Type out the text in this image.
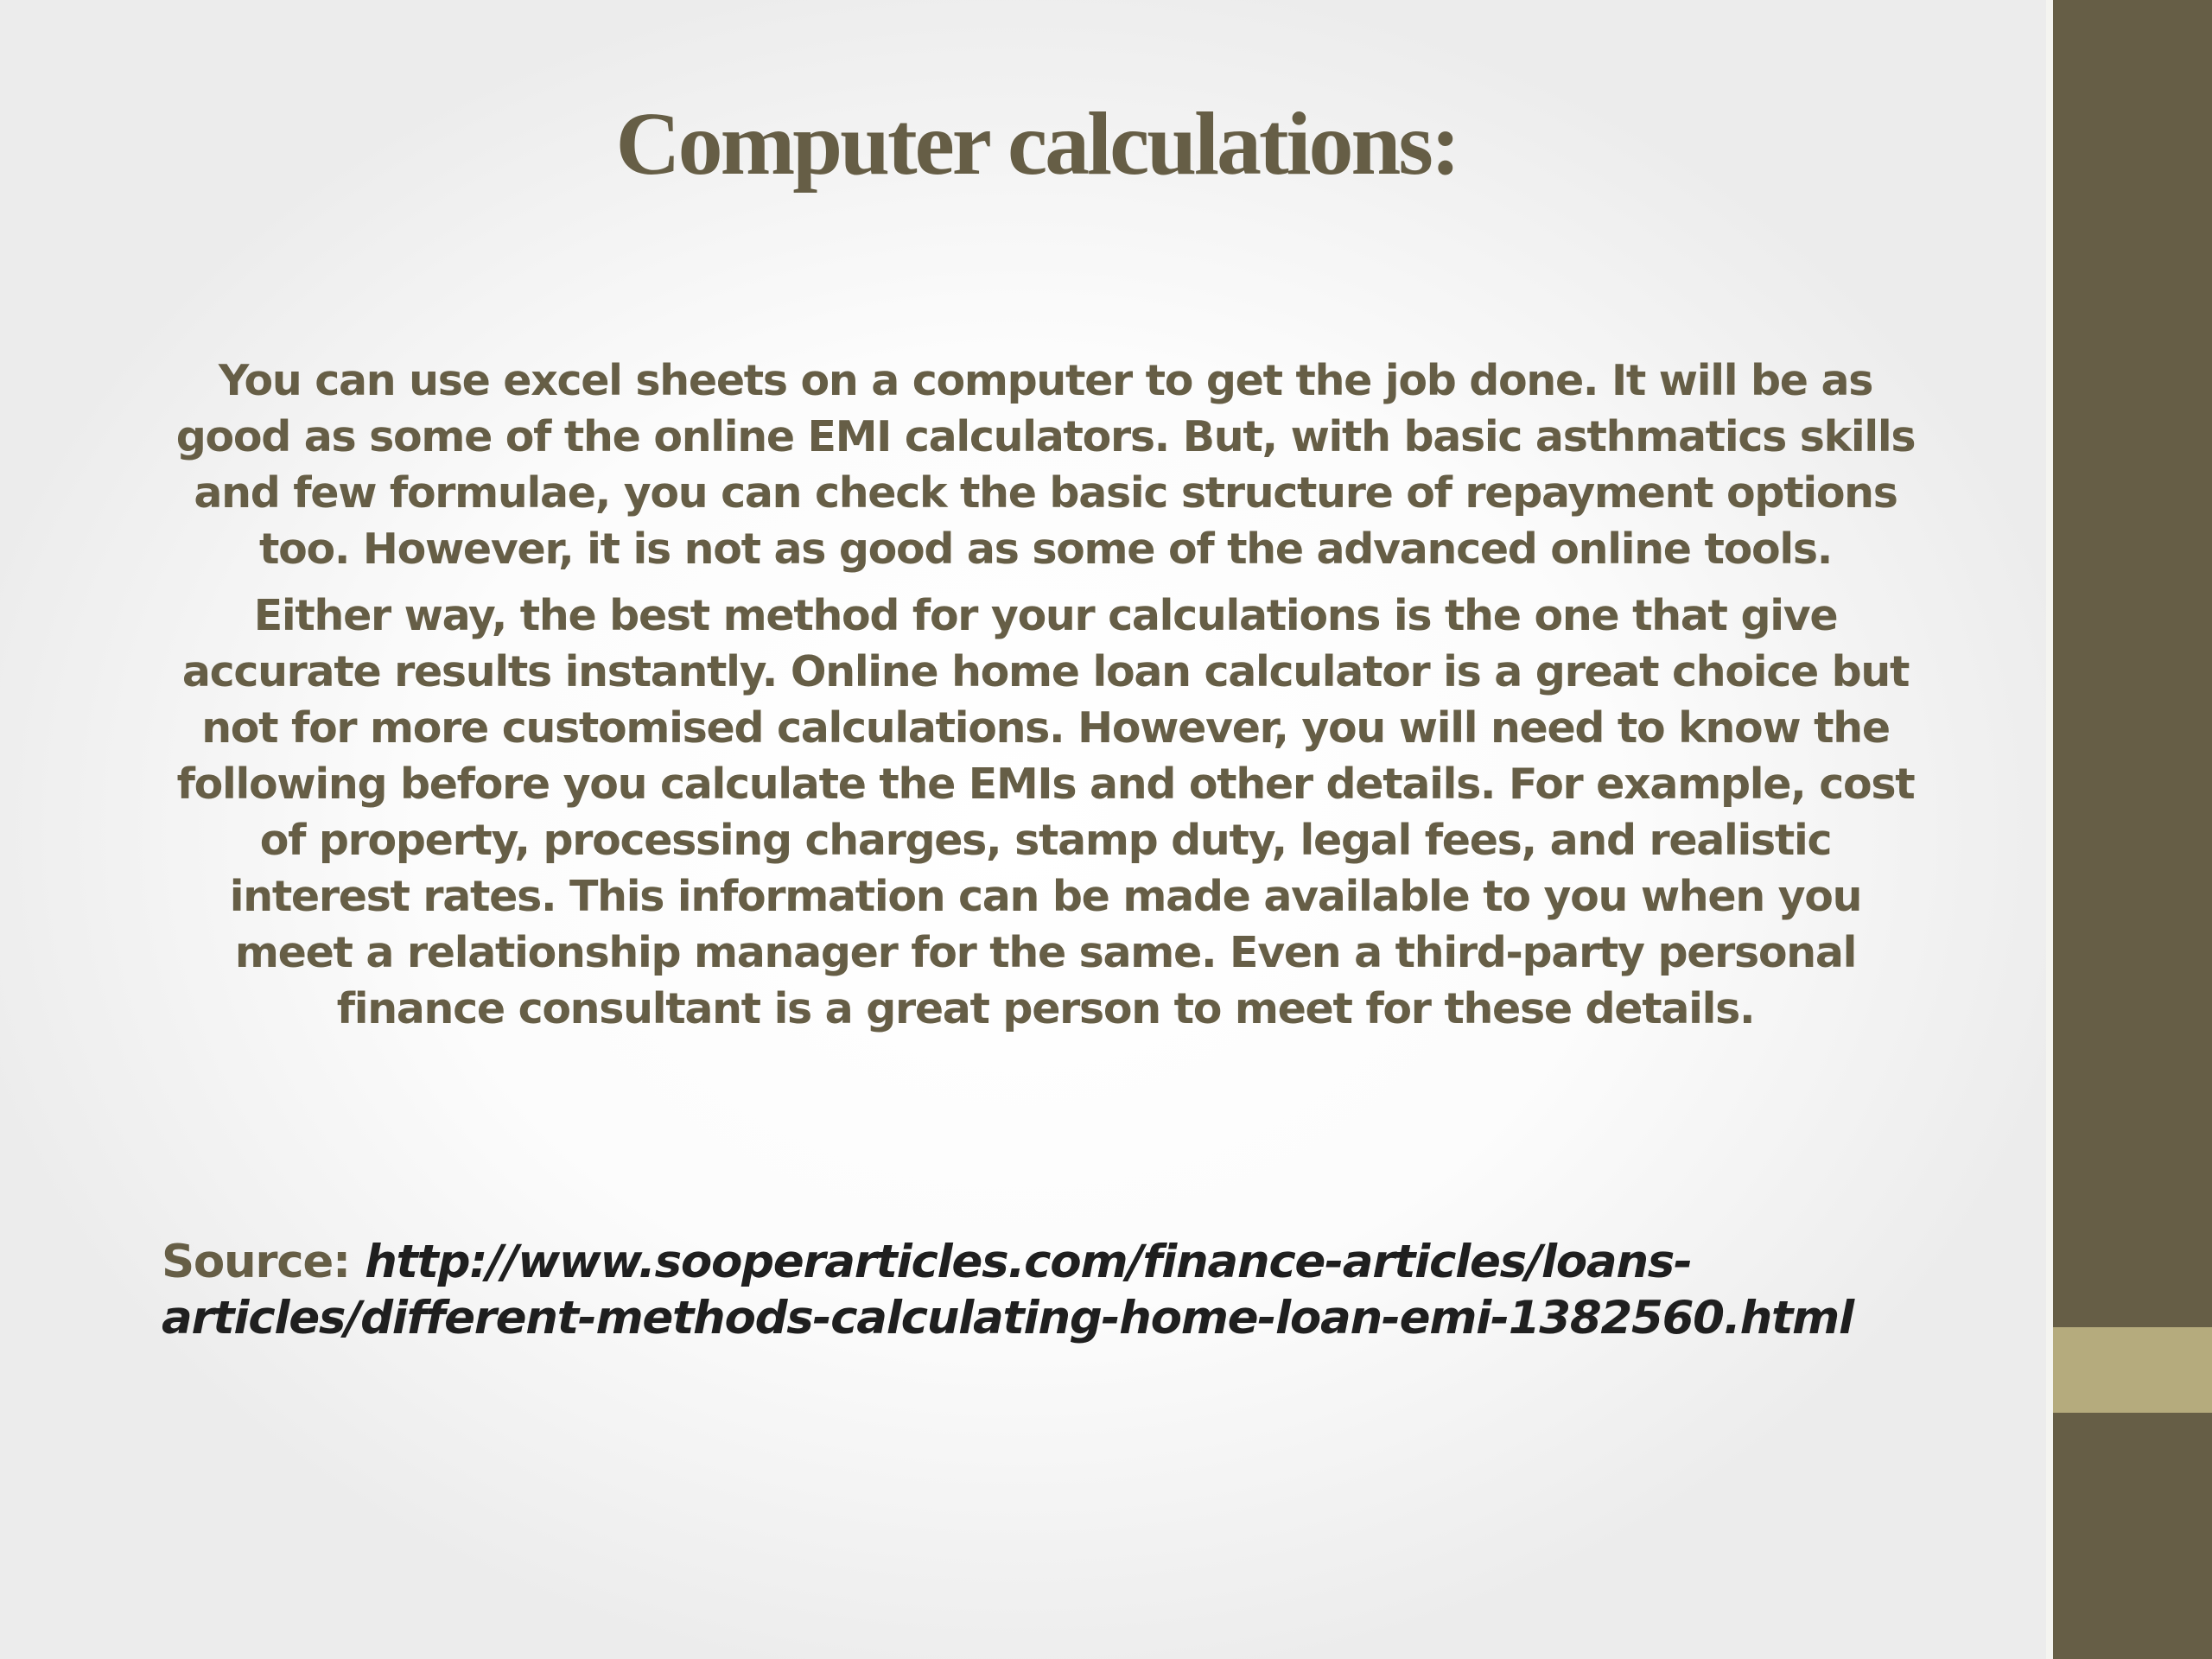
Computer calculations:

You can use excel sheets on a computer to get the job done. It will be as good as some of the online EMI calculators. But, with basic asthmatics skills and few formulae, you can check the basic structure of repayment options too. However, it is not as good as some of the advanced online tools.

Either way, the best method for your calculations is the one that give accurate results instantly. Online home loan calculator is a great choice but not for more customised calculations. However, you will need to know the following before you calculate the EMIs and other details. For example, cost of property, processing charges, stamp duty, legal fees, and realistic interest rates. This information can be made available to you when you meet a relationship manager for the same. Even a third-party personal finance consultant is a great person to meet for these details.

Source: http://www.sooperarticles.com/finance-articles/loans-articles/different-methods-calculating-home-loan-emi-1382560.html
